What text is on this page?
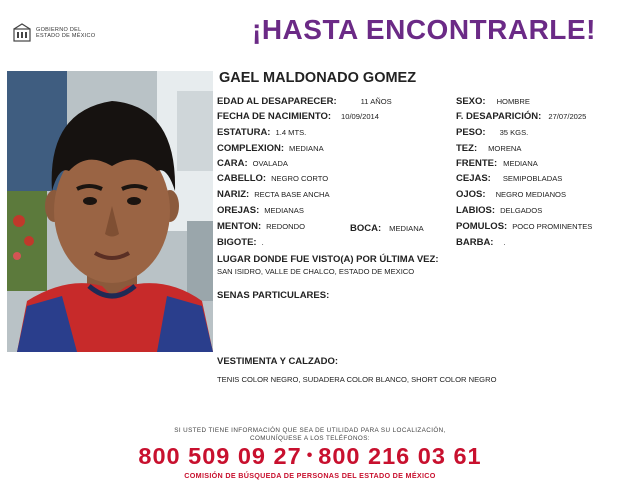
GOBIERNO DEL
ESTADO DE MÉXICO	¡HASTA ENCONTRARLE!
GAEL MALDONADO GOMEZ
EDAD AL DESAPARECER:	11 AÑOS
FECHA DE NACIMIENTO: 10/09/2014
ESTATURA: 1.4 MTS.
COMPLEXION: MEDIANA
CARA: OVALADA
CABELLO: NEGRO CORTO
NARIZ: RECTA BASE ANCHA
OREJAS: MEDIANAS
MENTON: REDONDO	BOCA: MEDIANA
BIGOTE: .
SEXO: HOMBRE
F. DESAPARICIÓN: 27/07/2025
PESO: 35 KGS.
TEZ: MORENA
FRENTE: MEDIANA
CEJAS: SEMIPOBLADAS
OJOS: NEGRO MEDIANOS
LABIOS: DELGADOS
POMULOS: POCO PROMINENTES
BARBA: .
LUGAR DONDE FUE VISTO(A) POR ÚLTIMA VEZ:
SAN ISIDRO, VALLE DE CHALCO, ESTADO DE MEXICO
SENAS PARTICULARES:
VESTIMENTA Y CALZADO:
TENIS COLOR NEGRO, SUDADERA COLOR BLANCO, SHORT COLOR NEGRO
SI USTED TIENE INFORMACIÓN QUE SEA DE UTILIDAD PARA SU LOCALIZACIÓN,
COMUNÍQUESE A LOS TELÉFONOS:
800 509 09 27 • 800 216 03 61
COMISIÓN DE BÚSQUEDA DE PERSONAS DEL ESTADO DE MÉXICO
